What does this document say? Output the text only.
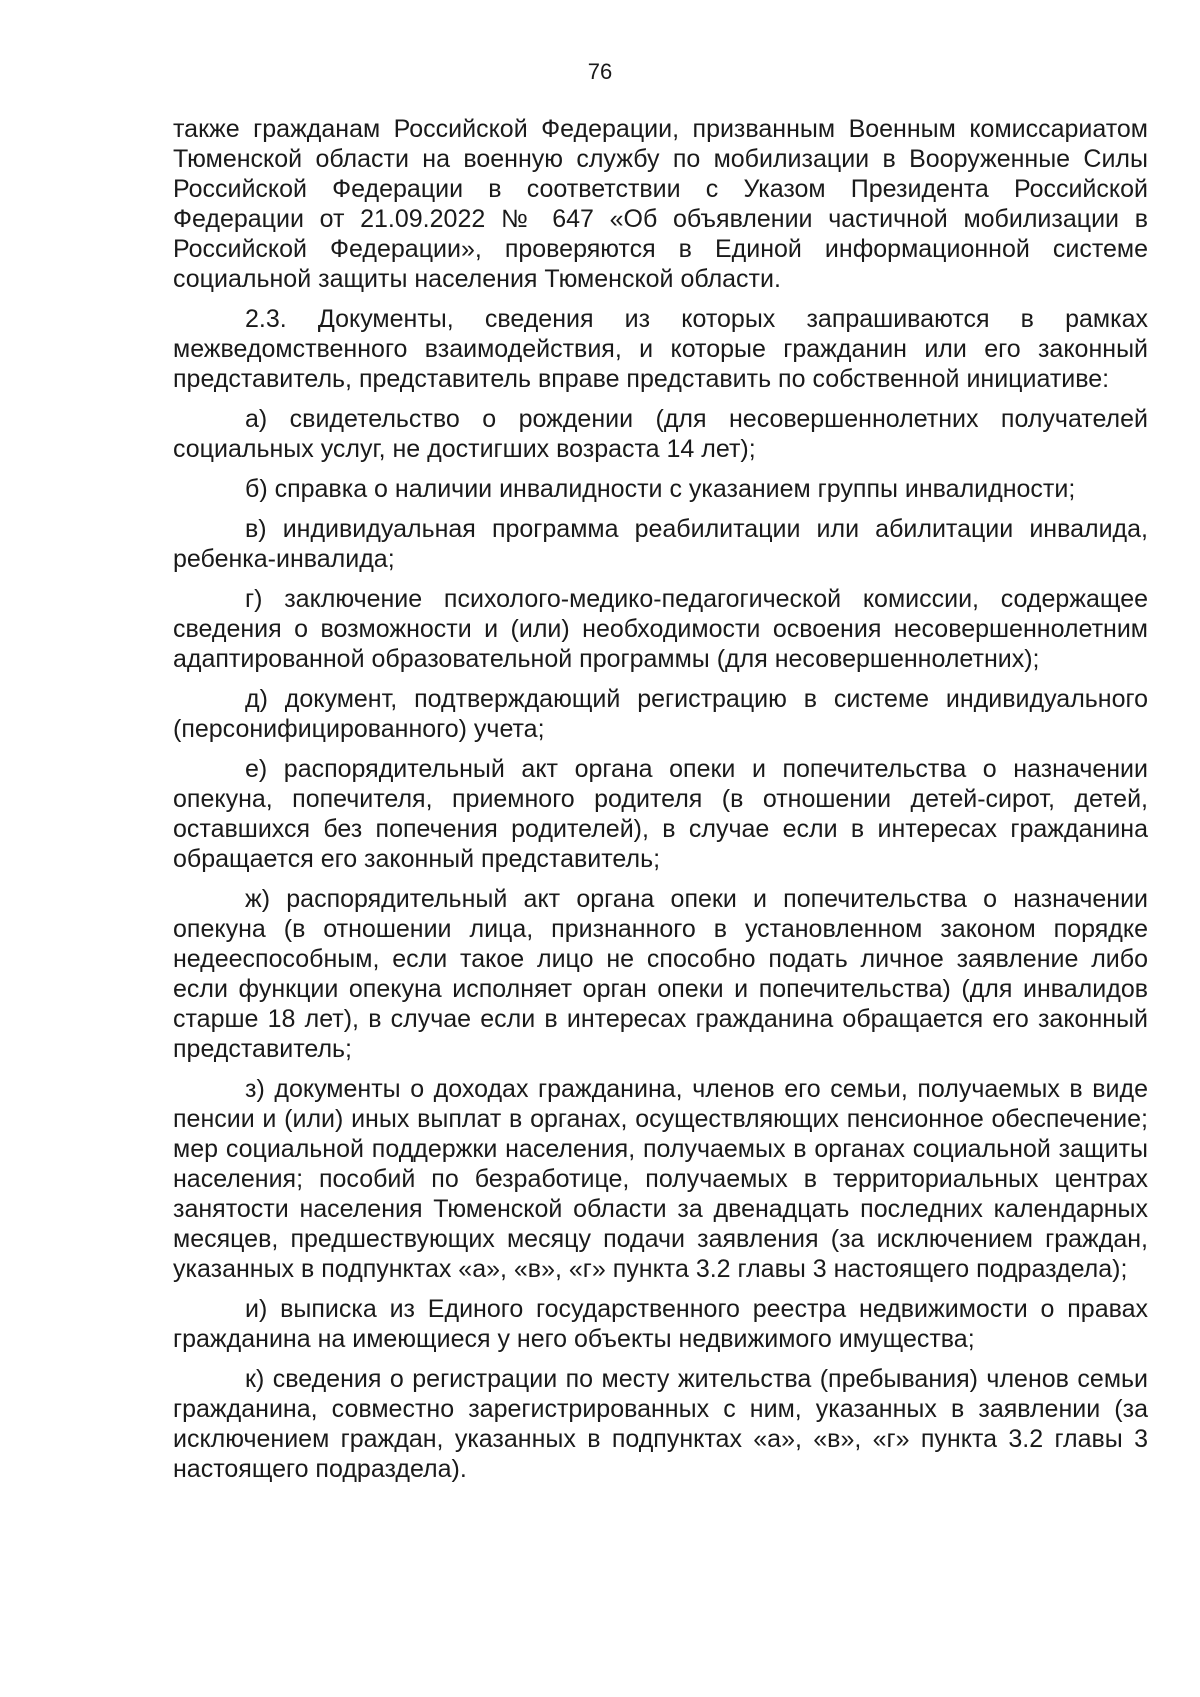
76

также гражданам Российской Федерации, призванным Военным комиссариатом Тюменской области на военную службу по мобилизации в Вооруженные Силы Российской Федерации в соответствии с Указом Президента Российской Федерации от 21.09.2022 № 647 «Об объявлении частичной мобилизации в Российской Федерации», проверяются в Единой информационной системе социальной защиты населения Тюменской области.

2.3. Документы, сведения из которых запрашиваются в рамках межведомственного взаимодействия, и которые гражданин или его законный представитель, представитель вправе представить по собственной инициативе:

а) свидетельство о рождении (для несовершеннолетних получателей социальных услуг, не достигших возраста 14 лет);

б) справка о наличии инвалидности с указанием группы инвалидности;

в) индивидуальная программа реабилитации или абилитации инвалида, ребенка-инвалида;

г) заключение психолого-медико-педагогической комиссии, содержащее сведения о возможности и (или) необходимости освоения несовершеннолетним адаптированной образовательной программы (для несовершеннолетних);

д) документ, подтверждающий регистрацию в системе индивидуального (персонифицированного) учета;

е) распорядительный акт органа опеки и попечительства о назначении опекуна, попечителя, приемного родителя (в отношении детей-сирот, детей, оставшихся без попечения родителей), в случае если в интересах гражданина обращается его законный представитель;

ж) распорядительный акт органа опеки и попечительства о назначении опекуна (в отношении лица, признанного в установленном законом порядке недееспособным, если такое лицо не способно подать личное заявление либо если функции опекуна исполняет орган опеки и попечительства) (для инвалидов старше 18 лет), в случае если в интересах гражданина обращается его законный представитель;

з) документы о доходах гражданина, членов его семьи, получаемых в виде пенсии и (или) иных выплат в органах, осуществляющих пенсионное обеспечение; мер социальной поддержки населения, получаемых в органах социальной защиты населения; пособий по безработице, получаемых в территориальных центрах занятости населения Тюменской области за двенадцать последних календарных месяцев, предшествующих месяцу подачи заявления (за исключением граждан, указанных в подпунктах «а», «в», «г» пункта 3.2 главы 3 настоящего подраздела);

и) выписка из Единого государственного реестра недвижимости о правах гражданина на имеющиеся у него объекты недвижимого имущества;

к) сведения о регистрации по месту жительства (пребывания) членов семьи гражданина, совместно зарегистрированных с ним, указанных в заявлении (за исключением граждан, указанных в подпунктах «а», «в», «г» пункта 3.2 главы 3 настоящего подраздела).
